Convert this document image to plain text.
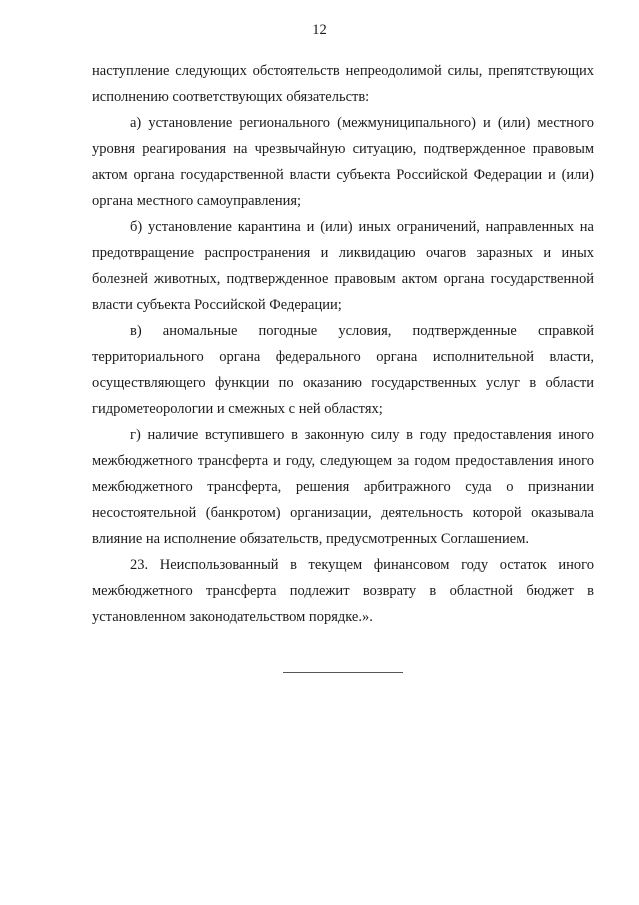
12

наступление следующих обстоятельств непреодолимой силы, препятствующих исполнению соответствующих обязательств:

а) установление регионального (межмуниципального) и (или) местного уровня реагирования на чрезвычайную ситуацию, подтвержденное правовым актом органа государственной власти субъекта Российской Федерации и (или) органа местного самоуправления;

б) установление карантина и (или) иных ограничений, направленных на предотвращение распространения и ликвидацию очагов заразных и иных болезней животных, подтвержденное правовым актом органа государственной власти субъекта Российской Федерации;

в) аномальные погодные условия, подтвержденные справкой территориального органа федерального органа исполнительной власти, осуществляющего функции по оказанию государственных услуг в области гидрометеорологии и смежных с ней областях;

г) наличие вступившего в законную силу в году предоставления иного межбюджетного трансферта и году, следующем за годом предоставления иного межбюджетного трансферта, решения арбитражного суда о признании несостоятельной (банкротом) организации, деятельность которой оказывала влияние на исполнение обязательств, предусмотренных Соглашением.

23. Неиспользованный в текущем финансовом году остаток иного межбюджетного трансферта подлежит возврату в областной бюджет в установленном законодательством порядке.».
